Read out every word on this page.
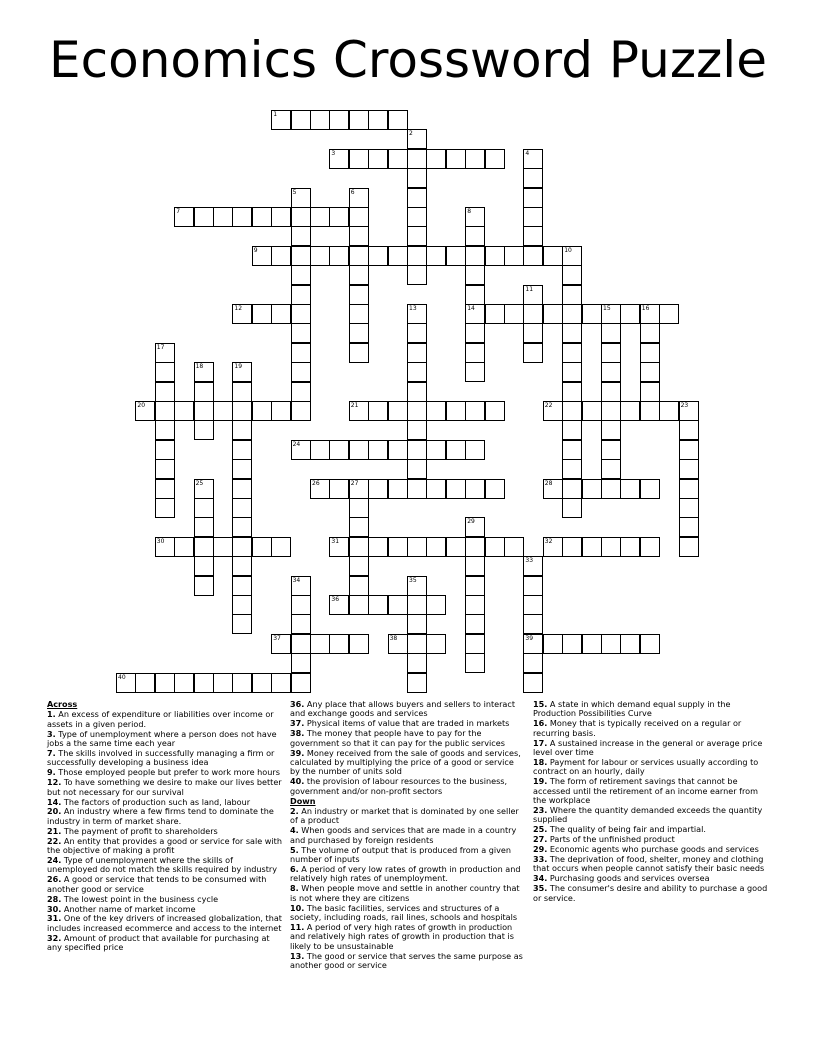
Economics Crossword Puzzle
1
2
3	4
5	6
7	8
14
9	10
11
12	13	15	16
17
18	19
20	21	22	23
24
25	26	27	28
29
30	31	32
33
39
34	35
36
37	38
40
Across
1. An excess of expenditure or liabilities over income or assets in a given period.
3. Type of unemployment where a person does not have jobs a the same time each year
7. The skills involved in successfully managing a firm or successfully developing a business idea
9. Those employed people but prefer to work more hours
12. To have something we desire to make our lives better but not necessary for our survival
14. The factors of production such as land, labour
20. An industry where a few firms tend to dominate the industry in term of market share.
21. The payment of profit to shareholders
22. An entity that provides a good or service for sale with the objective of making a profit
24. Type of unemployment where the skills of unemployed do not match the skills required by industry
26. A good or service that tends to be consumed with another good or service
28. The lowest point in the business cycle
30. Another name of market income
31. One of the key drivers of increased globalization, that includes increased ecommerce and access to the internet
32. Amount of product that available for purchasing at any specified price
36. Any place that allows buyers and sellers to interact and exchange goods and services
37. Physical items of value that are traded in markets
38. The money that people have to pay for the government so that it can pay for the public services
39. Money received from the sale of goods and services, calculated by multiplying the price of a good or service by the number of units sold
40. the provision of labour resources to the business, government and/or non-profit sectors
Down
2. An industry or market that is dominated by one seller of a product
4. When goods and services that are made in a country and purchased by foreign residents
5. The volume of output that is produced from a given number of inputs
6. A period of very low rates of growth in production and relatively high rates of unemployment.
8. When people move and settle in another country that is not where they are citizens
10. The basic facilities, services and structures of a society, including roads, rail lines, schools and hospitals
11. A period of very high rates of growth in production and relatively high rates of growth in production that is likely to be unsustainable
13. The good or service that serves the same purpose as another good or service
15. A state in which demand equal supply in the Production Possibilities Curve
16. Money that is typically received on a regular or recurring basis.
17. A sustained increase in the general or average price level over time
18. Payment for labour or services usually according to contract on an hourly, daily
19. The form of retirement savings that cannot be accessed until the retirement of an income earner from the workplace
23. Where the quantity demanded exceeds the quantity supplied
25. The quality of being fair and impartial.
27. Parts of the unfinished product
29. Economic agents who purchase goods and services
33. The deprivation of food, shelter, money and clothing that occurs when people cannot satisfy their basic needs
34. Purchasing goods and services oversea
35. The consumer's desire and ability to purchase a good or service.
